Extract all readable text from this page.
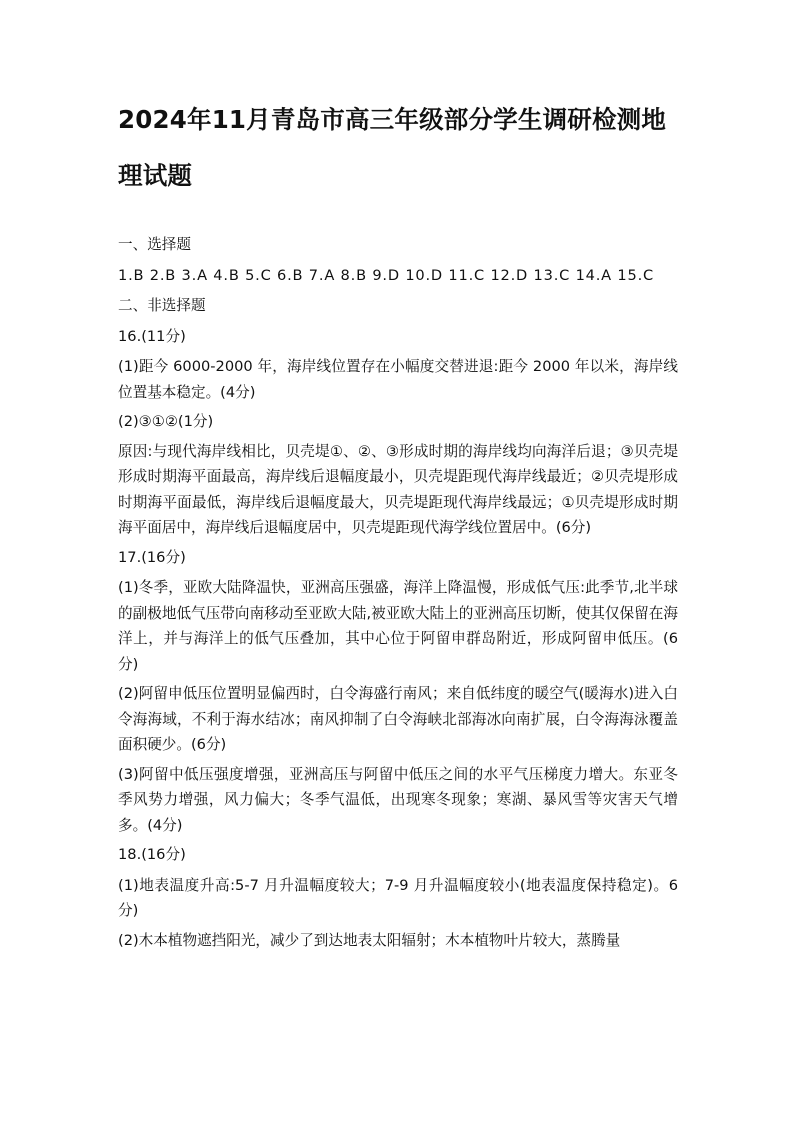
2024年11月青岛市高三年级部分学生调研检测地理试题

一、选择题

1.B 2.B 3.A 4.B 5.C 6.B 7.A 8.B 9.D 10.D 11.C 12.D 13.C 14.A 15.C

二、非选择题

16.(11分)

(1)距今 6000-2000 年，海岸线位置存在小幅度交替进退:距今 2000 年以米，海岸线位置基本稳定。(4分)

(2)③①②(1分)

原因:与现代海岸线相比，贝壳堤①、②、③形成时期的海岸线均向海洋后退；③贝壳堤形成时期海平面最高，海岸线后退幅度最小，贝壳堤距现代海岸线最近；②贝壳堤形成时期海平面最低，海岸线后退幅度最大，贝壳堤距现代海岸线最远；①贝壳堤形成时期海平面居中，海岸线后退幅度居中，贝壳堤距现代海学线位置居中。(6分)

17.(16分)

(1)冬季，亚欧大陆降温快，亚洲高压强盛，海洋上降温慢，形成低气压:此季节,北半球的副极地低气压带向南移动至亚欧大陆,被亚欧大陆上的亚洲高压切断，使其仅保留在海洋上，并与海洋上的低气压叠加，其中心位于阿留申群岛附近，形成阿留申低压。(6分)

(2)阿留申低压位置明显偏西时，白令海盛行南风；来自低纬度的暖空气(暖海水)进入白令海海域，不利于海水结冰；南风抑制了白令海峡北部海冰向南扩展，白令海海泳覆盖面积硬少。(6分)

(3)阿留中低压强度增强，亚洲高压与阿留中低压之间的水平气压梯度力增大。东亚冬季风势力增强，风力偏大；冬季气温低，出现寒冬现象；寒湖、暴风雪等灾害天气增多。(4分)

18.(16分)

(1)地表温度升高:5-7 月升温幅度较大；7-9 月升温幅度较小(地表温度保持稳定)。6分)

(2)木本植物遮挡阳光，减少了到达地表太阳辐射；木本植物叶片较大，蒸腾量
